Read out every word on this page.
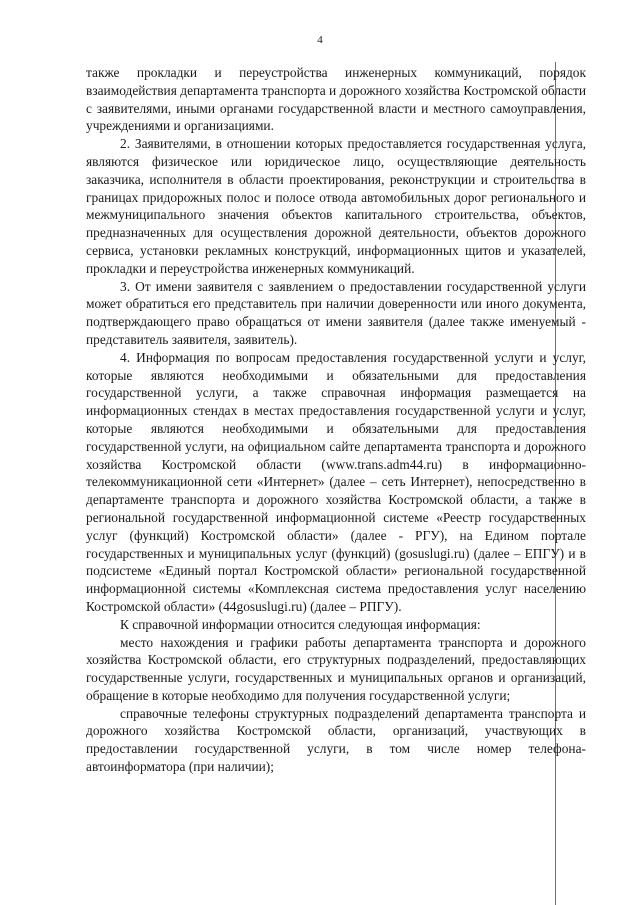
4

также прокладки и переустройства инженерных коммуникаций, порядок взаимодействия департамента транспорта и дорожного хозяйства Костромской области с заявителями, иными органами государственной власти и местного самоуправления, учреждениями и организациями.

2. Заявителями, в отношении которых предоставляется государственная услуга, являются физическое или юридическое лицо, осуществляющие деятельность заказчика, исполнителя в области проектирования, реконструкции и строительства в границах придорожных полос и полосе отвода автомобильных дорог регионального и межмуниципального значения объектов капитального строительства, объектов, предназначенных для осуществления дорожной деятельности, объектов дорожного сервиса, установки рекламных конструкций, информационных щитов и указателей, прокладки и переустройства инженерных коммуникаций.

3. От имени заявителя с заявлением о предоставлении государственной услуги может обратиться его представитель при наличии доверенности или иного документа, подтверждающего право обращаться от имени заявителя (далее также именуемый - представитель заявителя, заявитель).

4. Информация по вопросам предоставления государственной услуги и услуг, которые являются необходимыми и обязательными для предоставления государственной услуги, а также справочная информация размещается на информационных стендах в местах предоставления государственной услуги и услуг, которые являются необходимыми и обязательными для предоставления государственной услуги, на официальном сайте департамента транспорта и дорожного хозяйства Костромской области (www.trans.adm44.ru) в информационно-телекоммуникационной сети «Интернет» (далее – сеть Интернет), непосредственно в департаменте транспорта и дорожного хозяйства Костромской области, а также в региональной государственной информационной системе «Реестр государственных услуг (функций) Костромской области» (далее - РГУ), на Едином портале государственных и муниципальных услуг (функций) (gosuslugi.ru) (далее – ЕПГУ) и в подсистеме «Единый портал Костромской области» региональной государственной информационной системы «Комплексная система предоставления услуг населению Костромской области» (44gosuslugi.ru) (далее – РПГУ).

К справочной информации относится следующая информация:

место нахождения и графики работы департамента транспорта и дорожного хозяйства Костромской области, его структурных подразделений, предоставляющих государственные услуги, государственных и муниципальных органов и организаций, обращение в которые необходимо для получения государственной услуги;

справочные телефоны структурных подразделений департамента транспорта и дорожного хозяйства Костромской области, организаций, участвующих в предоставлении государственной услуги, в том числе номер телефона-автоинформатора (при наличии);
